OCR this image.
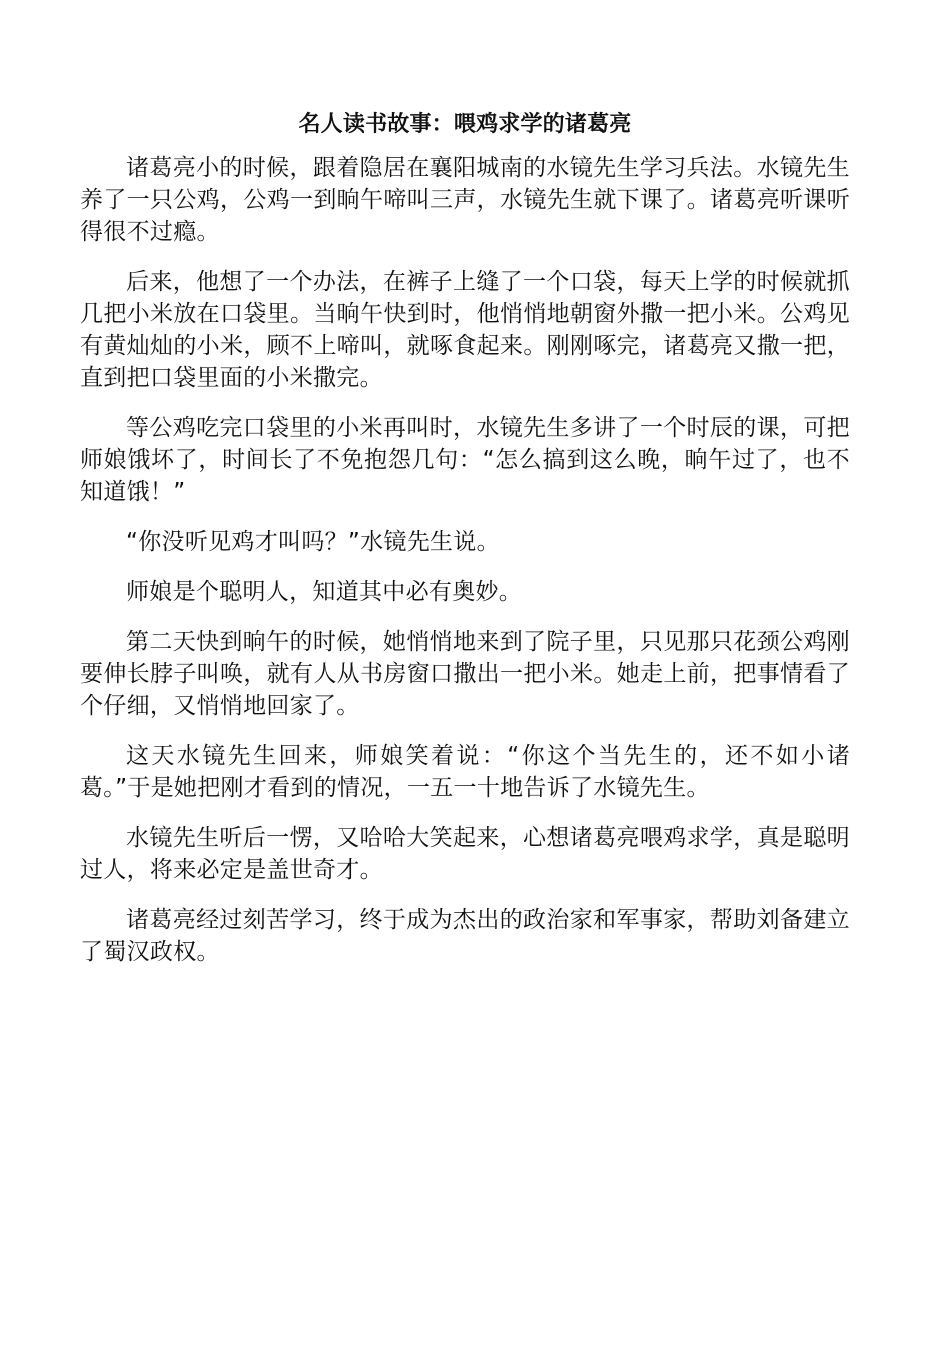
名人读书故事：喂鸡求学的诸葛亮

诸葛亮小的时候，跟着隐居在襄阳城南的水镜先生学习兵法。水镜先生养了一只公鸡，公鸡一到晌午啼叫三声，水镜先生就下课了。诸葛亮听课听得很不过瘾。

后来，他想了一个办法，在裤子上缝了一个口袋，每天上学的时候就抓几把小米放在口袋里。当晌午快到时，他悄悄地朝窗外撒一把小米。公鸡见有黄灿灿的小米，顾不上啼叫，就啄食起来。刚刚啄完，诸葛亮又撒一把，直到把口袋里面的小米撒完。

等公鸡吃完口袋里的小米再叫时，水镜先生多讲了一个时辰的课，可把师娘饿坏了，时间长了不免抱怨几句：“怎么搞到这么晚，晌午过了，也不知道饿！”

“你没听见鸡才叫吗？”水镜先生说。

师娘是个聪明人，知道其中必有奥妙。

第二天快到晌午的时候，她悄悄地来到了院子里，只见那只花颈公鸡刚要伸长脖子叫唤，就有人从书房窗口撒出一把小米。她走上前，把事情看了个仔细，又悄悄地回家了。

这天水镜先生回来，师娘笑着说：“你这个当先生的，还不如小诸葛。”于是她把刚才看到的情况，一五一十地告诉了水镜先生。

水镜先生听后一愣，又哈哈大笑起来，心想诸葛亮喂鸡求学，真是聪明过人，将来必定是盖世奇才。

诸葛亮经过刻苦学习，终于成为杰出的政治家和军事家，帮助刘备建立了蜀汉政权。
